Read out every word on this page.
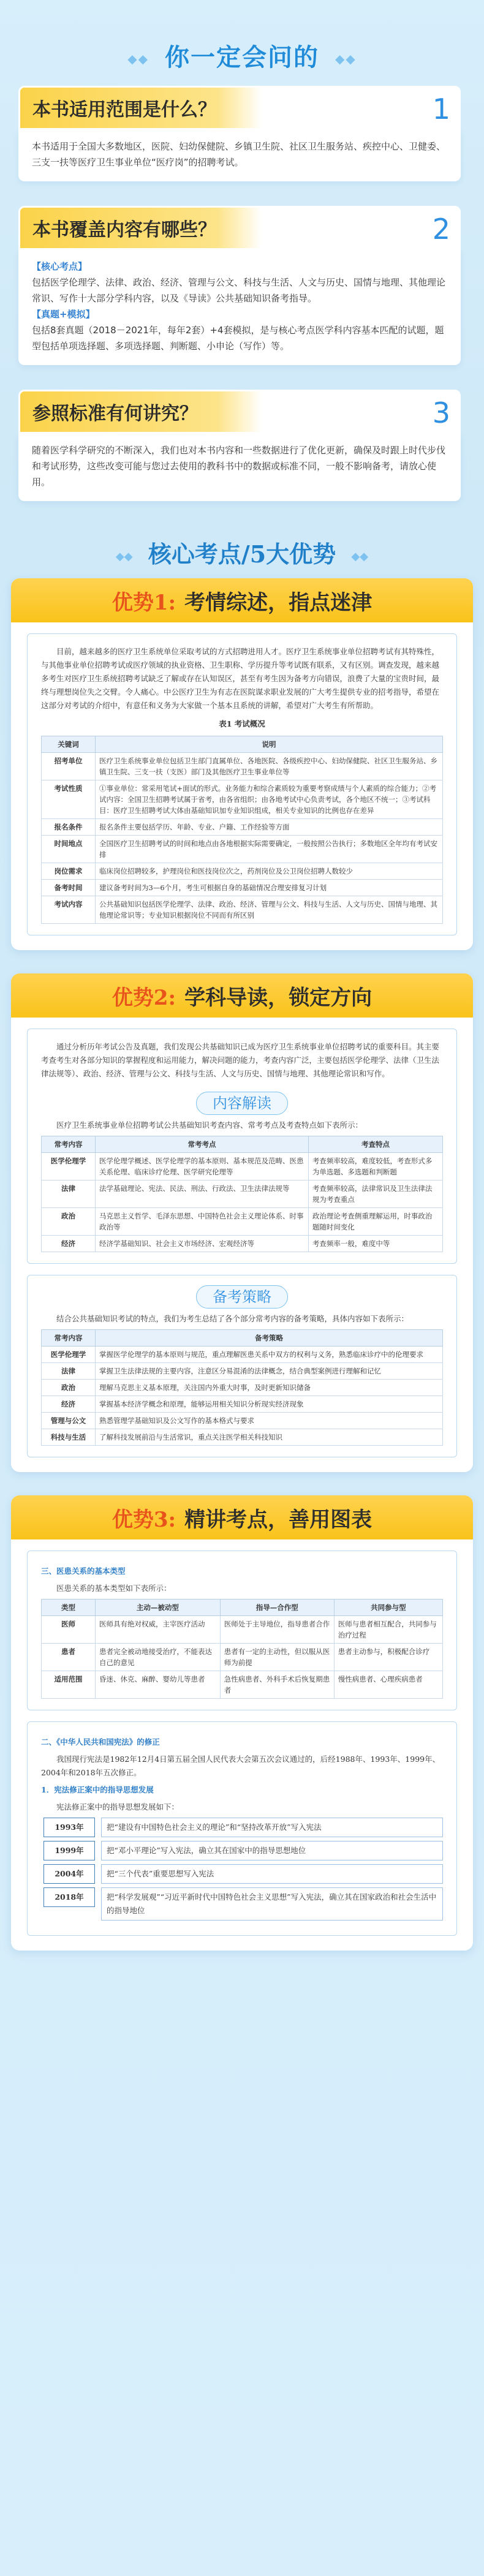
◆◆ 你一定会问的 ◆◆
本书适用范围是什么？	1
本书适用于全国大多数地区，医院、妇幼保健院、乡镇卫生院、社区卫生服务站、疾控中心、卫健委、三支一扶等医疗卫生事业单位“医疗岗”的招聘考试。
本书覆盖内容有哪些？	2
【核心考点】
包括医学伦理学、法律、政治、经济、管理与公文、科技与生活、人文与历史、国情与地理、其他理论常识、写作十大部分学科内容，以及《导读》公共基础知识备考指导。
【真题+模拟】
包括8套真题（2018－2021年，每年2套）+4套模拟，是与核心考点医学科内容基本匹配的试题，题型包括单项选择题、多项选择题、判断题、小申论（写作）等。
参照标准有何讲究？	3
随着医学科学研究的不断深入，我们也对本书内容和一些数据进行了优化更新，确保及时跟上时代步伐和考试形势，这些改变可能与您过去使用的教科书中的数据或标准不同，一般不影响备考，请放心使用。
◆◆ 核心考点/5大优势 ◆◆
优势1: 考情综述，指点迷津

目前，越来越多的医疗卫生系统单位采取考试的方式招聘进用人才。医疗卫生系统事业单位招聘考试有其特殊性，与其他事业单位招聘考试或医疗领域的执业资格、卫生职称、学历提升等考试既有联系，又有区别。调查发现，越来越多考生对医疗卫生系统招聘考试缺乏了解或存在认知误区，甚至有考生因为备考方向错误，浪费了大量的宝贵时间，最终与理想岗位失之交臂。令人痛心。中公医疗卫生为有志在医院谋求职业发展的广大考生提供专业的招考指导，希望在这部分对考试的介绍中，有意任和义务为大家做一个基本且系统的讲解，希望对广大考生有所帮助。

表1 考试概况
关键词	说明
招考单位	医疗卫生系统事业单位包括卫生部门直属单位、各地医院、各级疾控中心、妇幼保健院、社区卫生服务站、乡镇卫生院、三支一扶（支医）部门及其他医疗卫生事业单位等
考试性质	①事业单位：常采用笔试+面试的形式。业务能力和综合素质较为重要考察成绩与个人素质的综合能力；②考试内容：全国卫生招聘考试属于省考，由各省组织；由各地考试中心负责考试，各个地区不统一；③考试科目：医疗卫生招聘考试大体由基础知识加专业知识组成，相关专业知识的比例也存在差异
报名条件	报名条件主要包括学历、年龄、专业、户籍、工作经验等方面
时间地点	全国医疗卫生招聘考试的时间和地点由各地根据实际需要确定，一般按照公告执行；多数地区全年均有考试安排
岗位需求	临床岗位招聘较多，护理岗位和医技岗位次之，药剂岗位及公卫岗位招聘人数较少
备考时间	建议备考时间为3—6个月，考生可根据自身的基础情况合理安排复习计划
考试内容	公共基础知识包括医学伦理学、法律、政治、经济、管理与公文、科技与生活、人文与历史、国情与地理、其他理论常识等；专业知识根据岗位不同而有所区别
优势2: 学科导读，锁定方向

通过分析历年考试公告及真题，我们发现公共基础知识已成为医疗卫生系统事业单位招聘考试的重要科目。其主要考查考生对各部分知识的掌握程度和运用能力，解决问题的能力，考查内容广泛，主要包括医学伦理学、法律（卫生法律法规等）、政治、经济、管理与公文、科技与生活、人文与历史、国情与地理、其他理论常识和写作。

内容解读

医疗卫生系统事业单位招聘考试公共基础知识考查内容、常考考点及考查特点如下表所示：

常考内容	常考考点	考查特点
医学伦理学	医学伦理学概述、医学伦理学的基本原则、基本规范及范畴、医患关系伦理、临床诊疗伦理、医学研究伦理等	考查频率较高，难度较低，考查形式多为单选题、多选题和判断题
法律	法学基础理论、宪法、民法、刑法、行政法、卫生法律法规等	考查频率较高，法律常识及卫生法律法规为考查重点
政治	马克思主义哲学、毛泽东思想、中国特色社会主义理论体系、时事政治等	政治理论考查侧重理解运用，时事政治题随时间变化
经济	经济学基础知识、社会主义市场经济、宏观经济等	考查频率一般，难度中等
备考策略

结合公共基础知识考试的特点，我们为考生总结了各个部分常考内容的备考策略，具体内容如下表所示：

常考内容	备考策略
医学伦理学	掌握医学伦理学的基本原则与规范，重点理解医患关系中双方的权利与义务，熟悉临床诊疗中的伦理要求
法律	掌握卫生法律法规的主要内容，注意区分易混淆的法律概念，结合典型案例进行理解和记忆
政治	理解马克思主义基本原理，关注国内外重大时事，及时更新知识储备
经济	掌握基本经济学概念和原理，能够运用相关知识分析现实经济现象
管理与公文	熟悉管理学基础知识及公文写作的基本格式与要求
科技与生活	了解科技发展前沿与生活常识，重点关注医学相关科技知识
优势3: 精讲考点，善用图表
三、医患关系的基本类型

医患关系的基本类型如下表所示：

类型	主动—被动型	指导—合作型	共同参与型
医师	医师具有绝对权威，主宰医疗活动	医师处于主导地位，指导患者合作	医师与患者相互配合，共同参与治疗过程
患者	患者完全被动地接受治疗，不能表达自己的意见	患者有一定的主动性，但以服从医师为前提	患者主动参与，积极配合诊疗
适用范围	昏迷、休克、麻醉、婴幼儿等患者	急性病患者、外科手术后恢复期患者	慢性病患者、心理疾病患者
二、《中华人民共和国宪法》的修正

我国现行宪法是1982年12月4日第五届全国人民代表大会第五次会议通过的，后经1988年、1993年、1999年、2004年和2018年五次修正。

1．宪法修正案中的指导思想发展

宪法修正案中的指导思想发展如下：

1993年	把“建设有中国特色社会主义的理论”和“坚持改革开放”写入宪法
1999年	把“邓小平理论”写入宪法，确立其在国家中的指导思想地位
2004年	把“三个代表”重要思想写入宪法
2018年	把“科学发展观”“习近平新时代中国特色社会主义思想”写入宪法，确立其在国家政治和社会生活中的指导地位
